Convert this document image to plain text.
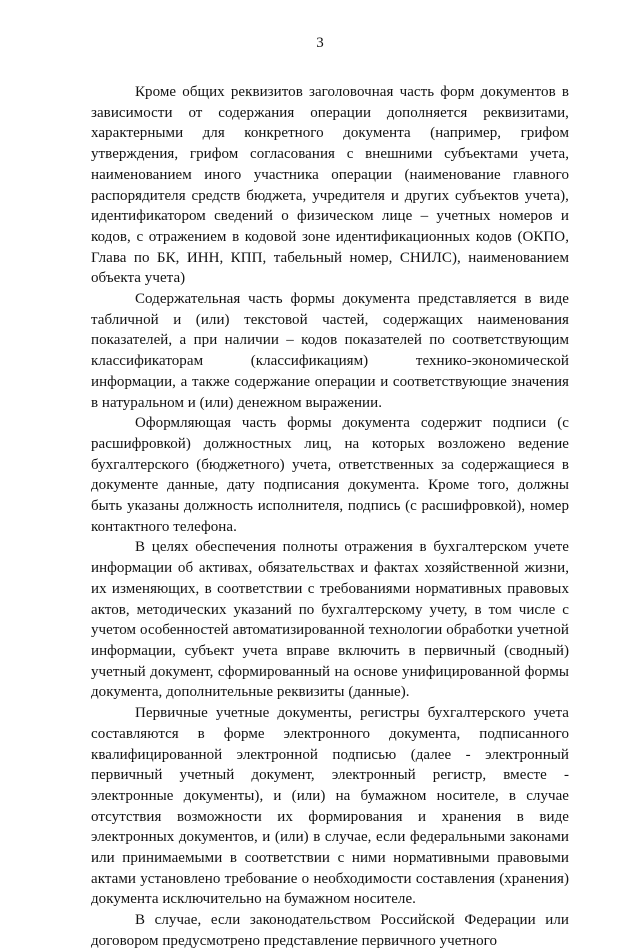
3

Кроме общих реквизитов заголовочная часть форм документов в зависимости от содержания операции дополняется реквизитами, характерными для конкретного документа (например, грифом утверждения, грифом согласования с внешними субъектами учета, наименованием иного участника операции (наименование главного распорядителя средств бюджета, учредителя и других субъектов учета), идентификатором сведений о физическом лице – учетных номеров и кодов, с отражением в кодовой зоне идентификационных кодов (ОКПО, Глава по БК, ИНН, КПП, табельный номер, СНИЛС), наименованием объекта учета)

Содержательная часть формы документа представляется в виде табличной и (или) текстовой частей, содержащих наименования показателей, а при наличии – кодов показателей по соответствующим классификаторам (классификациям) технико-экономической информации, а также содержание операции и соответствующие значения в натуральном и (или) денежном выражении.

Оформляющая часть формы документа содержит подписи (с расшифровкой) должностных лиц, на которых возложено ведение бухгалтерского (бюджетного) учета, ответственных за содержащиеся в документе данные, дату подписания документа. Кроме того, должны быть указаны должность исполнителя, подпись (с расшифровкой), номер контактного телефона.

В целях обеспечения полноты отражения в бухгалтерском учете информации об активах, обязательствах и фактах хозяйственной жизни, их изменяющих, в соответствии с требованиями нормативных правовых актов, методических указаний по бухгалтерскому учету, в том числе с учетом особенностей автоматизированной технологии обработки учетной информации, субъект учета вправе включить в первичный (сводный) учетный документ, сформированный на основе унифицированной формы документа, дополнительные реквизиты (данные).

Первичные учетные документы, регистры бухгалтерского учета составляются в форме электронного документа, подписанного квалифицированной электронной подписью (далее - электронный первичный учетный документ, электронный регистр, вместе - электронные документы), и (или) на бумажном носителе, в случае отсутствия возможности их формирования и хранения в виде электронных документов, и (или) в случае, если федеральными законами или принимаемыми в соответствии с ними нормативными правовыми актами установлено требование о необходимости составления (хранения) документа исключительно на бумажном носителе.

В случае, если законодательством Российской Федерации или договором предусмотрено представление первичного учетного
